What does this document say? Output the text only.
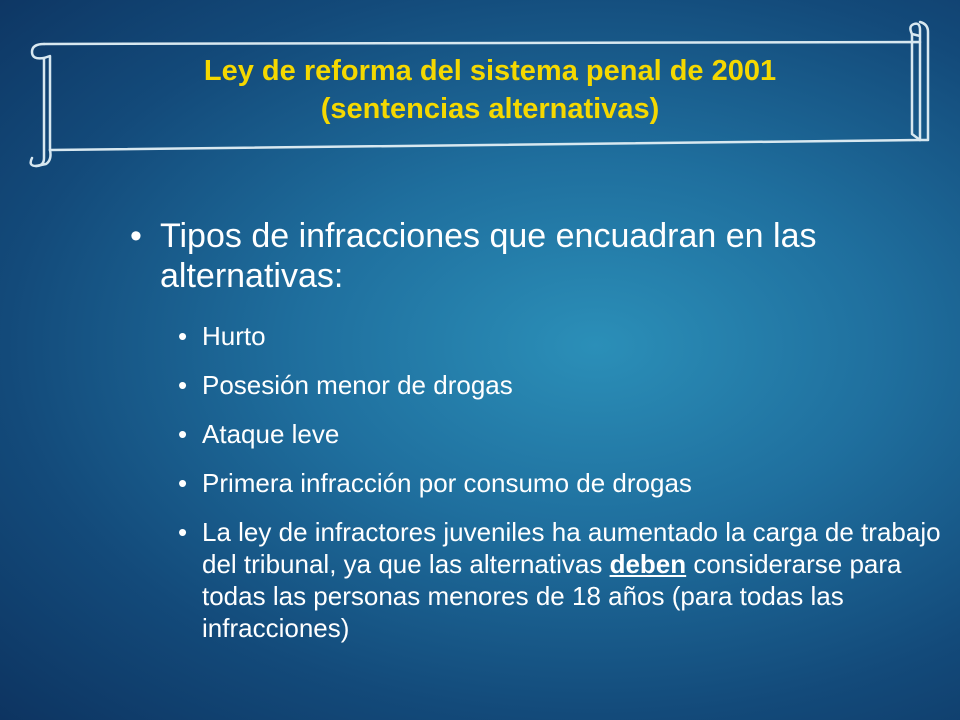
Ley de reforma del sistema penal de 2001
(sentencias alternativas)
• Tipos de infracciones que encuadran en las alternativas:
• Hurto
• Posesión menor de drogas
• Ataque leve
• Primera infracción por consumo de drogas
• La ley de infractores juveniles ha aumentado la carga de trabajo del tribunal, ya que las alternativas deben considerarse para todas las personas menores de 18 años (para todas las infracciones)
